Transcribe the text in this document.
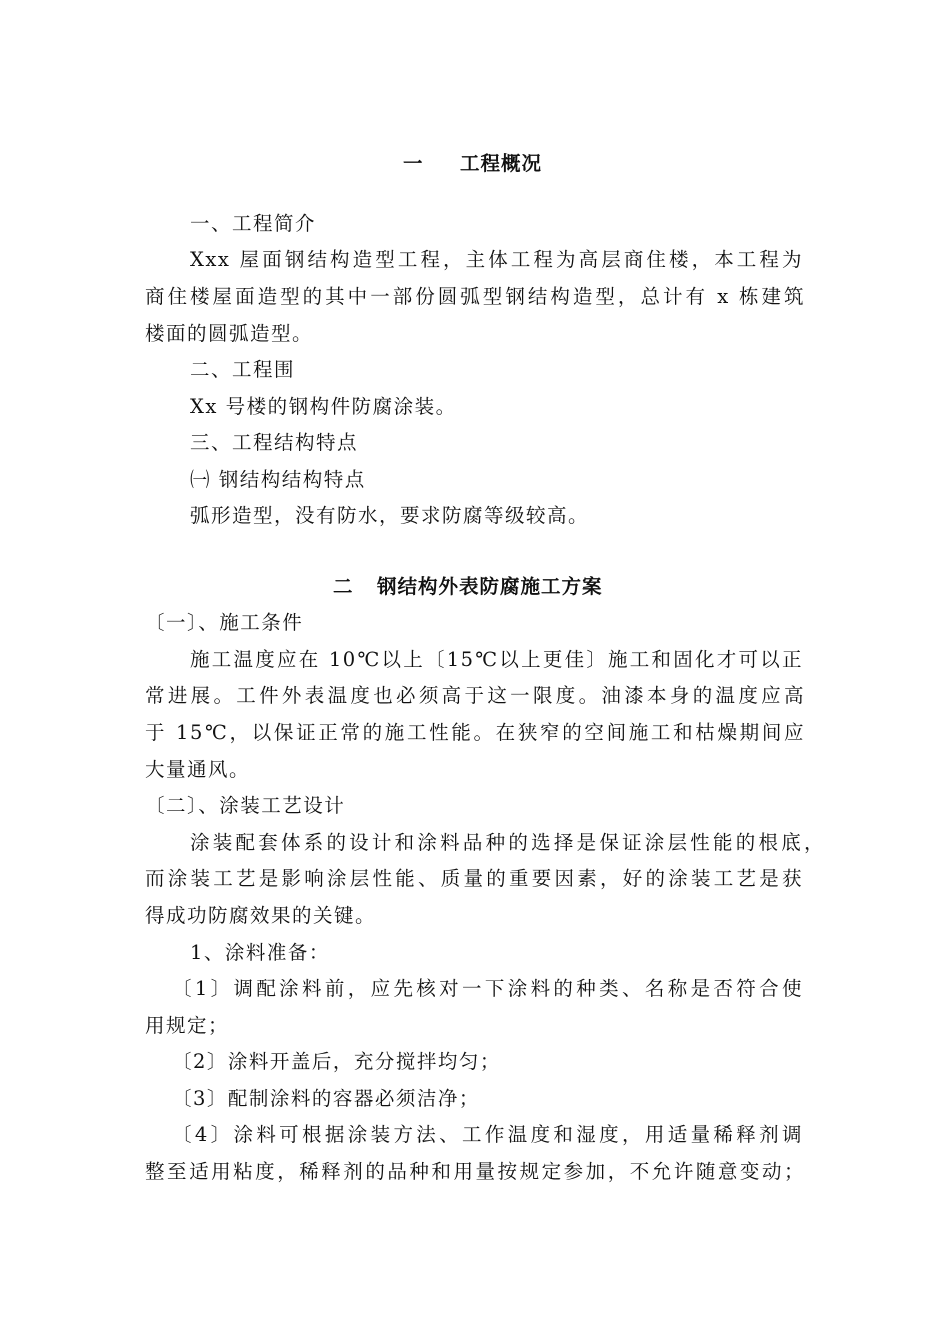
一 工程概况
一、工程简介
Xxx 屋面钢结构造型工程，主体工程为高层商住楼，本工程为
商住楼屋面造型的其中一部份圆弧型钢结构造型，总计有 x 栋建筑
楼面的圆弧造型。
二、工程围
Xx 号楼的钢构件防腐涂装。
三、工程结构特点
㈠ 钢结构结构特点
弧形造型，没有防水，要求防腐等级较高。
二 钢结构外表防腐施工方案
〔一〕、施工条件
施工温度应在 10℃以上〔15℃以上更佳〕施工和固化才可以正
常进展。工件外表温度也必须高于这一限度。油漆本身的温度应高
于 15℃，以保证正常的施工性能。在狭窄的空间施工和枯燥期间应
大量通风。
〔二〕、涂装工艺设计
涂装配套体系的设计和涂料品种的选择是保证涂层性能的根底，
而涂装工艺是影响涂层性能、质量的重要因素，好的涂装工艺是获
得成功防腐效果的关键。
1、涂料准备：
〔1〕调配涂料前，应先核对一下涂料的种类、名称是否符合使
用规定；
〔2〕涂料开盖后，充分搅拌均匀；
〔3〕配制涂料的容器必须洁净；
〔4〕涂料可根据涂装方法、工作温度和湿度，用适量稀释剂调
整至适用粘度，稀释剂的品种和用量按规定参加，不允许随意变动；
